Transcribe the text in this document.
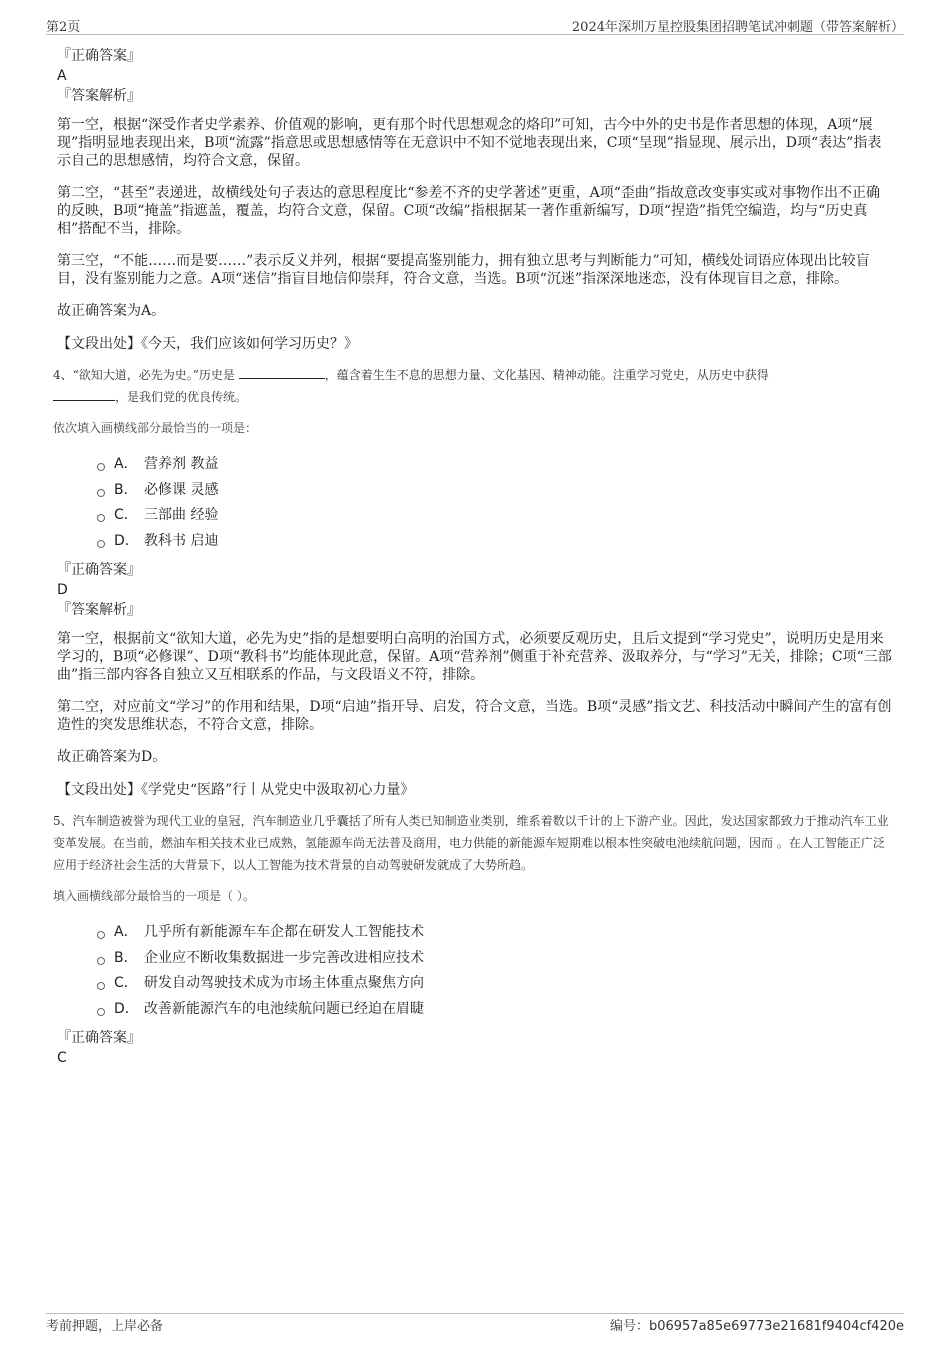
第2页	2024年深圳万星控股集团招聘笔试冲刺题（带答案解析）

『正确答案』

A

『答案解析』

第一空，根据“深受作者史学素养、价值观的影响，更有那个时代思想观念的烙印”可知，古今中外的史书是作者思想的体现，A项“展现”指明显地表现出来，B项“流露”指意思或思想感情等在无意识中不知不觉地表现出来，C项“呈现”指显现、展示出，D项“表达”指表示自己的思想感情，均符合文意，保留。

第二空，“甚至”表递进，故横线处句子表达的意思程度比“参差不齐的史学著述”更重，A项“歪曲”指故意改变事实或对事物作出不正确的反映，B项“掩盖”指遮盖，覆盖，均符合文意，保留。C项“改编”指根据某一著作重新编写，D项“捏造”指凭空编造，均与“历史真相”搭配不当，排除。

第三空，“不能……而是要……”表示反义并列，根据“要提高鉴别能力，拥有独立思考与判断能力”可知，横线处词语应体现出比较盲目，没有鉴别能力之意。A项“迷信”指盲目地信仰崇拜，符合文意，当选。B项“沉迷”指深深地迷恋，没有体现盲目之意，排除。

故正确答案为A。

【文段出处】《今天，我们应该如何学习历史？》

4、“欲知大道，必先为史。”历史是	，蕴含着生生不息的思想力量、文化基因、精神动能。注重学习党史，从历史中获得
，是我们党的优良传统。

依次填入画横线部分最恰当的一项是：

A． 营养剂 教益
B． 必修课 灵感
C． 三部曲 经验
D． 教科书 启迪

『正确答案』

D

『答案解析』

第一空，根据前文“欲知大道，必先为史”指的是想要明白高明的治国方式，必须要反观历史，且后文提到“学习党史”，说明历史是用来学习的，B项“必修课”、D项“教科书”均能体现此意，保留。A项“营养剂”侧重于补充营养、汲取养分，与“学习”无关，排除；C项“三部曲”指三部内容各自独立又互相联系的作品，与文段语义不符，排除。

第二空，对应前文“学习”的作用和结果，D项“启迪”指开导、启发，符合文意，当选。B项“灵感”指文艺、科技活动中瞬间产生的富有创造性的突发思维状态，不符合文意，排除。

故正确答案为D。

【文段出处】《学党史“医路”行丨从党史中汲取初心力量》

5、汽车制造被誉为现代工业的皇冠，汽车制造业几乎囊括了所有人类已知制造业类别，维系着数以千计的上下游产业。因此，发达国家都致力于推动汽车工业变革发展。在当前，燃油车相关技术业已成熟，氢能源车尚无法普及商用，电力供能的新能源车短期难以根本性突破电池续航问题，因而 。在人工智能正广泛应用于经济社会生活的大背景下，以人工智能为技术背景的自动驾驶研发就成了大势所趋。

填入画横线部分最恰当的一项是（ ）。

A． 几乎所有新能源车车企都在研发人工智能技术
B． 企业应不断收集数据进一步完善改进相应技术
C． 研发自动驾驶技术成为市场主体重点聚焦方向
D． 改善新能源汽车的电池续航问题已经迫在眉睫

『正确答案』

C

考前押题，上岸必备	编号：b06957a85e69773e21681f9404cf420e
